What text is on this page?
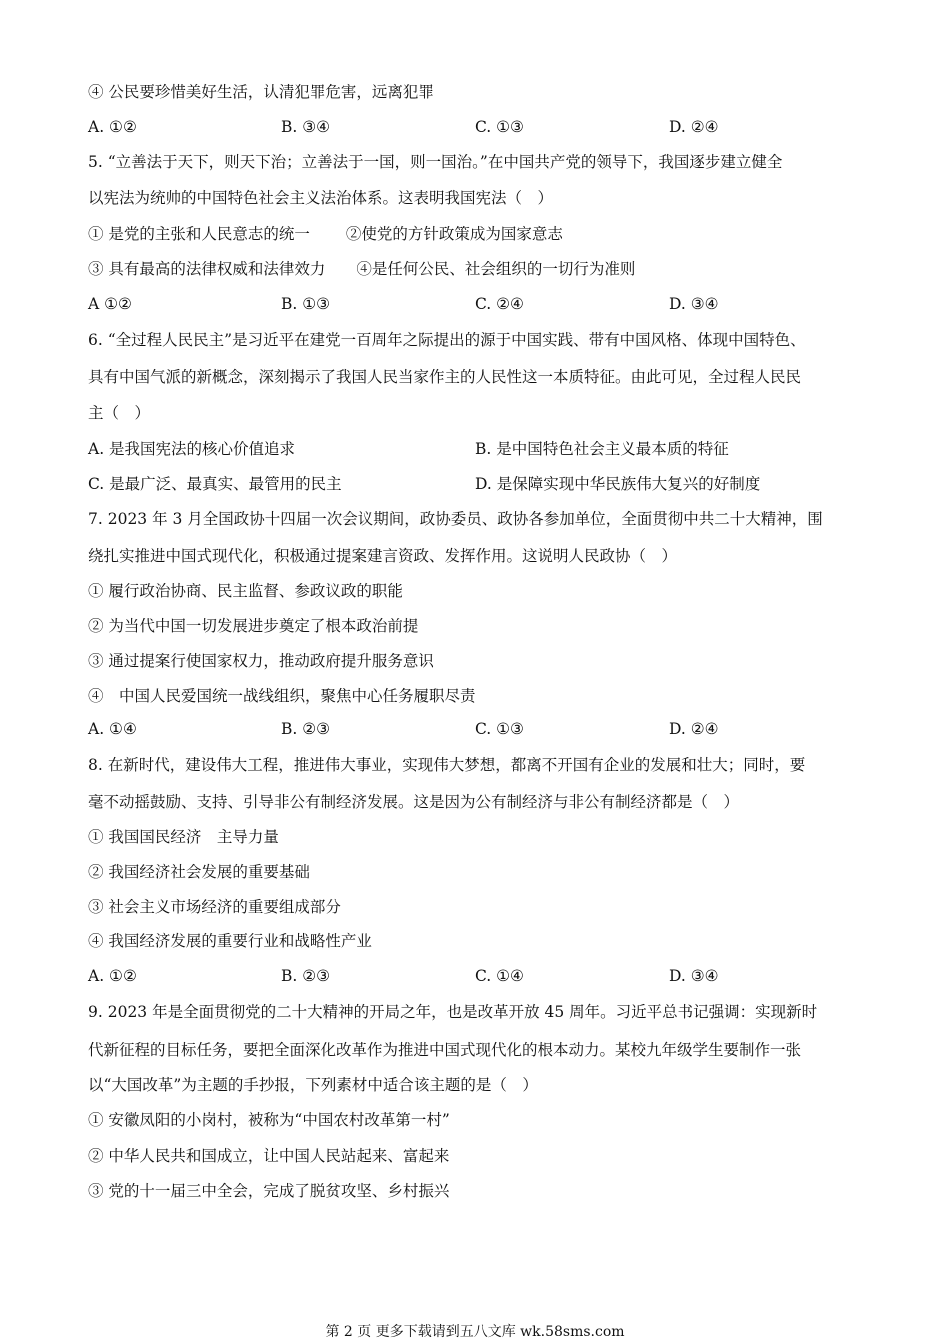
④ 公民要珍惜美好生活，认清犯罪危害，远离犯罪
A. ①②	B. ③④	C. ①③	D. ②④
5. “立善法于天下，则天下治；立善法于一国，则一国治。”在中国共产党的领导下，我国逐步建立健全
以宪法为统帅的中国特色社会主义法治体系。这表明我国宪法（　）
① 是党的主张和人民意志的统一　　 ②使党的方针政策成为国家意志
③ 具有最高的法律权威和法律效力　　④是任何公民、社会组织的一切行为准则
A ①②	B. ①③	C. ②④	D. ③④
6. “全过程人民民主”是习近平在建党一百周年之际提出的源于中国实践、带有中国风格、体现中国特色、
具有中国气派的新概念，深刻揭示了我国人民当家作主的人民性这一本质特征。由此可见，全过程人民民
主（　）
A. 是我国宪法的核心价值追求	B. 是中国特色社会主义最本质的特征
C. 是最广泛、最真实、最管用的民主	D. 是保障实现中华民族伟大复兴的好制度
7. 2023 年 3 月全国政协十四届一次会议期间，政协委员、政协各参加单位，全面贯彻中共二十大精神，围
绕扎实推进中国式现代化，积极通过提案建言资政、发挥作用。这说明人民政协（　）
① 履行政治协商、民主监督、参政议政的职能
② 为当代中国一切发展进步奠定了根本政治前提
③ 通过提案行使国家权力，推动政府提升服务意识
④　中国人民爱国统一战线组织，聚焦中心任务履职尽责
A. ①④	B. ②③	C. ①③	D. ②④
8. 在新时代，建设伟大工程，推进伟大事业，实现伟大梦想，都离不开国有企业的发展和壮大；同时，要
毫不动摇鼓励、支持、引导非公有制经济发展。这是因为公有制经济与非公有制经济都是（　）
① 我国国民经济　主导力量
② 我国经济社会发展的重要基础
③ 社会主义市场经济的重要组成部分
④ 我国经济发展的重要行业和战略性产业
A. ①②	B. ②③	C. ①④	D. ③④
9. 2023 年是全面贯彻党的二十大精神的开局之年，也是改革开放 45 周年。习近平总书记强调：实现新时
代新征程的目标任务，要把全面深化改革作为推进中国式现代化的根本动力。某校九年级学生要制作一张
以“大国改革”为主题的手抄报，下列素材中适合该主题的是（　）
① 安徽凤阳的小岗村，被称为“中国农村改革第一村”
② 中华人民共和国成立，让中国人民站起来、富起来
③ 党的十一届三中全会，完成了脱贫攻坚、乡村振兴
第 2 页 更多下载请到五八文库 wk.58sms.com
